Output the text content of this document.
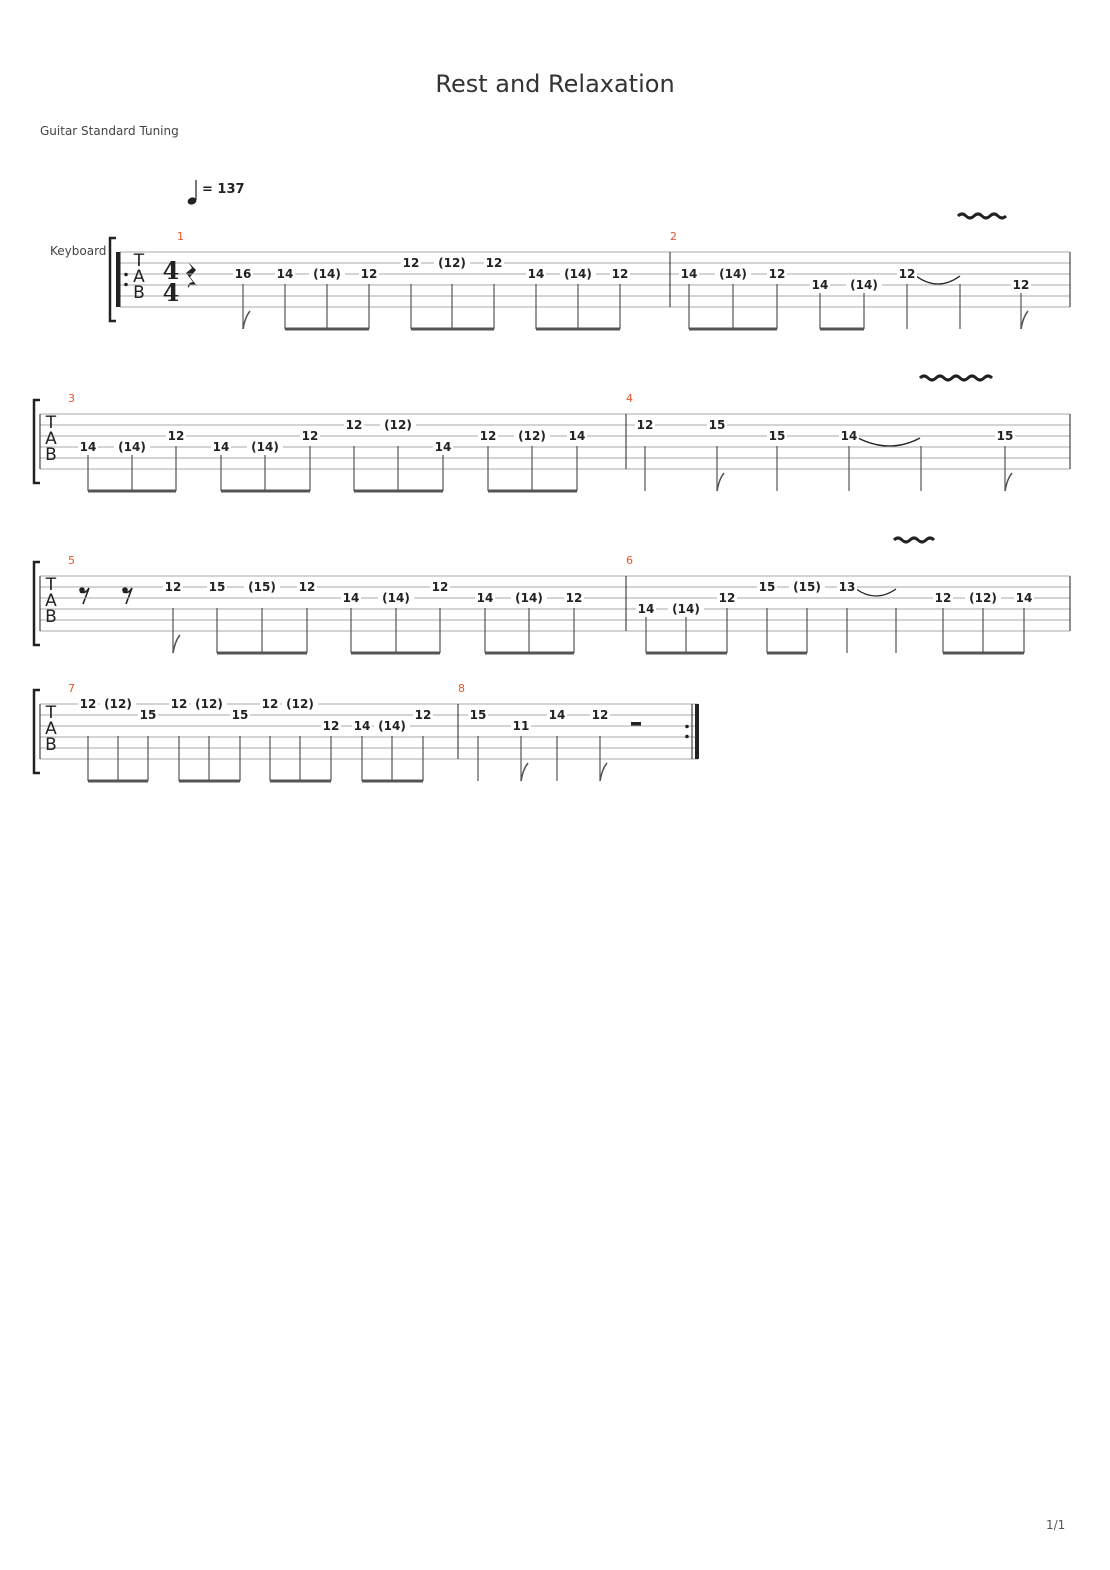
Rest and Relaxation
Guitar Standard Tuning
1/1
= 137
Keyboard T
A
B
4
4
T
A
B
T
A
B
T
A
B
1
16 14 (14) 12
12 (12) 12
14 (14) 12
2
14 (14) 12
14 (14)
12
12
3
14 (14)
12
14 (14)
12
12 (12)
14
12 (12) 14
4
12	15
15	14	15
5
12 15 (15) 12
14 (14)
12
14 (14) 12
6
14 (14)
12
15 (15) 13
12 (12) 14
7
12 (12)
15
12 (12)
15
12 (12)
12 14 (14)
12
8
15
11
14 12
